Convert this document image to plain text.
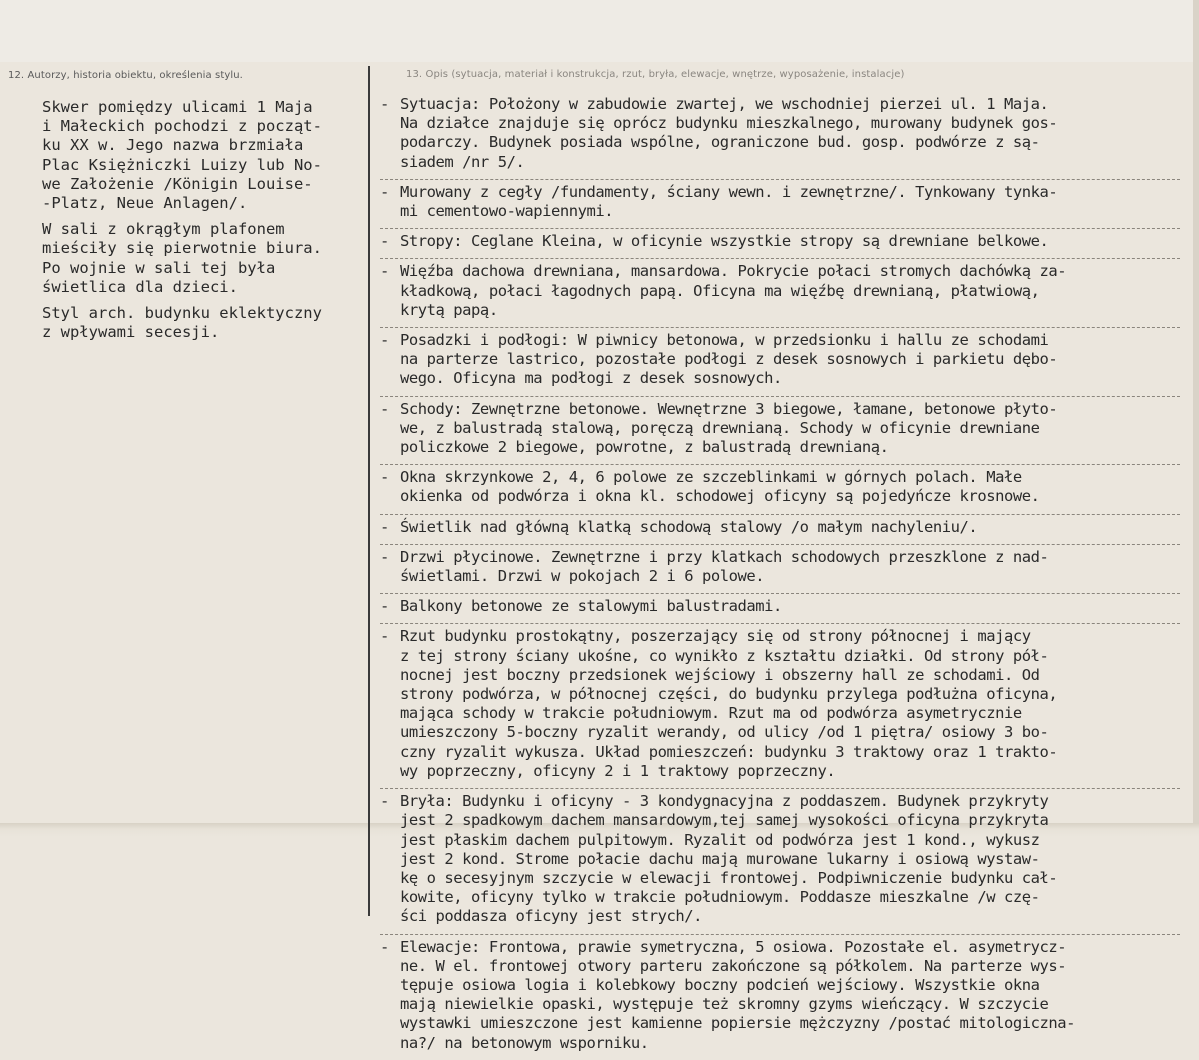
12. Autorzy, historia obiektu, określenia stylu.	13. Opis (sytuacja, materiał i konstrukcja, rzut, bryła, elewacje, wnętrze, wyposażenie, instalacje)
Skwer pomiędzy ulicami 1 Maja
i Małeckich pochodzi z począt-
ku XX w. Jego nazwa brzmiała
Plac Księżniczki Luizy lub No-
we Założenie /Königin Louise-
-Platz, Neue Anlagen/.
W sali z okrągłym plafonem
mieściły się pierwotnie biura.
Po wojnie w sali tej była
świetlica dla dzieci.
Styl arch. budynku eklektyczny
z wpływami secesji.
- Sytuacja: Położony w zabudowie zwartej, we wschodniej pierzei ul. 1 Maja.
Na działce znajduje się oprócz budynku mieszkalnego, murowany budynek gos-
podarczy. Budynek posiada wspólne, ograniczone bud. gosp. podwórze z są-
siadem /nr 5/.
- Murowany z cegły /fundamenty, ściany wewn. i zewnętrzne/. Tynkowany tynka-
mi cementowo-wapiennymi.
- Stropy: Ceglane Kleina, w oficynie wszystkie stropy są drewniane belkowe.
- Więźba dachowa drewniana, mansardowa. Pokrycie połaci stromych dachówką za-
kładkową, połaci łagodnych papą. Oficyna ma więźbę drewnianą, płatwiową,
krytą papą.
- Posadzki i podłogi: W piwnicy betonowa, w przedsionku i hallu ze schodami
na parterze lastrico, pozostałe podłogi z desek sosnowych i parkietu dębo-
wego. Oficyna ma podłogi z desek sosnowych.
- Schody: Zewnętrzne betonowe. Wewnętrzne 3 biegowe, łamane, betonowe płyto-
we, z balustradą stalową, poręczą drewnianą. Schody w oficynie drewniane
policzkowe 2 biegowe, powrotne, z balustradą drewnianą.
- Okna skrzynkowe 2, 4, 6 polowe ze szczeblinkami w górnych polach. Małe
okienka od podwórza i okna kl. schodowej oficyny są pojedyńcze krosnowe.
- Świetlik nad główną klatką schodową stalowy /o małym nachyleniu/.
- Drzwi płycinowe. Zewnętrzne i przy klatkach schodowych przeszklone z nad-
świetlami. Drzwi w pokojach 2 i 6 polowe.
- Balkony betonowe ze stalowymi balustradami.
- Rzut budynku prostokątny, poszerzający się od strony północnej i mający
z tej strony ściany ukośne, co wynikło z kształtu działki. Od strony pół-
nocnej jest boczny przedsionek wejściowy i obszerny hall ze schodami. Od
strony podwórza, w północnej części, do budynku przylega podłużna oficyna,
mająca schody w trakcie południowym. Rzut ma od podwórza asymetrycznie
umieszczony 5-boczny ryzalit werandy, od ulicy /od 1 piętra/ osiowy 3 bo-
czny ryzalit wykusza. Układ pomieszczeń: budynku 3 traktowy oraz 1 trakto-
wy poprzeczny, oficyny 2 i 1 traktowy poprzeczny.
- Bryła: Budynku i oficyny - 3 kondygnacyjna z poddaszem. Budynek przykryty
jest 2 spadkowym dachem mansardowym,tej samej wysokości oficyna przykryta
jest płaskim dachem pulpitowym. Ryzalit od podwórza jest 1 kond., wykusz
jest 2 kond. Strome połacie dachu mają murowane lukarny i osiową wystaw-
kę o secesyjnym szczycie w elewacji frontowej. Podpiwniczenie budynku cał-
kowite, oficyny tylko w trakcie południowym. Poddasze mieszkalne /w czę-
ści poddasza oficyny jest strych/.
- Elewacje: Frontowa, prawie symetryczna, 5 osiowa. Pozostałe el. asymetrycz-
ne. W el. frontowej otwory parteru zakończone są półkolem. Na parterze wys-
tępuje osiowa logia i kolebkowy boczny podcień wejściowy. Wszystkie okna
mają niewielkie opaski, występuje też skromny gzyms wieńczący. W szczycie
wystawki umieszczone jest kamienne popiersie mężczyzny /postać mitologiczna-
na?/ na betonowym wsporniku.
